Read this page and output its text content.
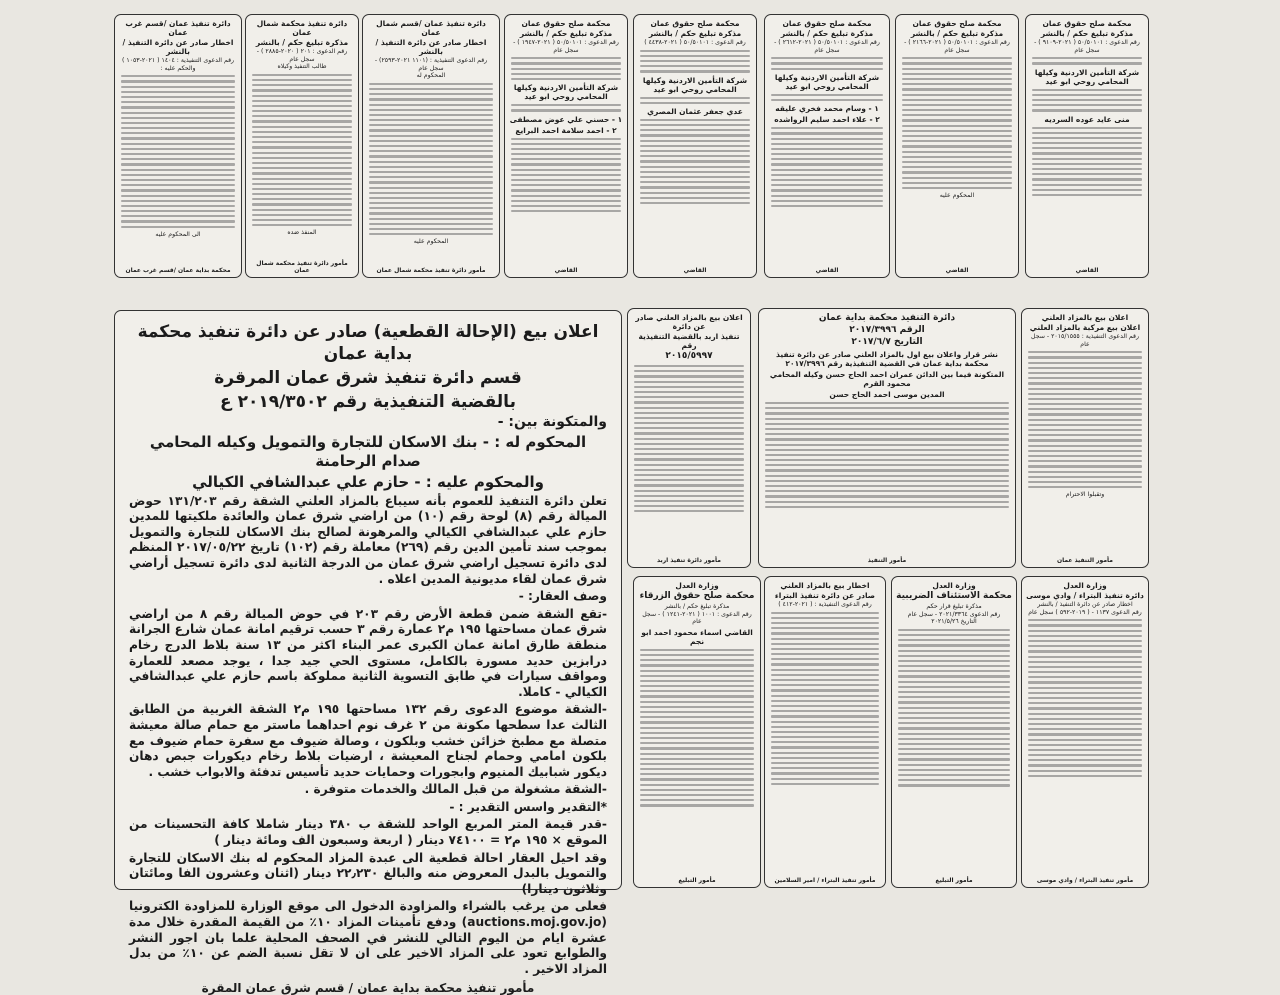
دائرة تنفيذ عمان /قسم غرب عمان
اخطار صادر عن دائرة التنفيذ / بالنشر
رقم الدعوى التنفيذية : ١٤٠٤ ( ٢٠٢١-١٠٥٣ )
والحكم عليه :
الى المحكوم عليه
محكمة بداية عمان /قسم غرب عمان
دائرة تنفيذ محكمة شمال عمان
مذكرة تبليغ حكم / بالنشر
رقم الدعوى : ٢٠١ ( ٢٠٢٠-٢٨٨٥ ) - سجل عام
طالب التنفيذ وكيلاه
المنفذ ضده
مأمور دائرة تنفيذ محكمة شمال عمان
دائرة تنفيذ عمان /قسم شمال عمان
اخطار صادر عن دائرة التنفيذ / بالنشر
رقم الدعوى التنفيذية : (١١٠١ ٢٠٢١-٢٥٩٣) - سجل عام
المحكوم له
المحكوم عليه
مأمور دائرة تنفيذ محكمة شمال عمان
محكمة صلح حقوق عمان
مذكرة تبليغ حكم / بالنشر
رقم الدعوى : ٥٠/٥٠١٠١ ( ٢٠٢١-١٩٤٧ ) - سجل عام
شركة التأمين الاردنية وكيلها المحامي روحي ابو عيد
١ - حسني علي عوض مصطفى
٢ - احمد سلامة احمد البرايع
القاضي
محكمة صلح حقوق عمان
مذكرة تبليغ حكم / بالنشر
رقم الدعوى : ٥٠/٥٠١٠١ ( ٢٠٢١-٤٤٣٨ )
شركة التأمين الاردنية وكيلها المحامي روحي ابو عيد
عدي جعفر عثمان المصري
القاضي
محكمة صلح حقوق عمان
مذكرة تبليغ حكم / بالنشر
رقم الدعوى : ٥٠/٥٠١٠١ ( ٢٠٢١-٢٦١٢ ) - سجل عام
شركة التأمين الاردنية وكيلها المحامي روحي ابو عيد
١ - وسام محمد فخري عليقه
٢ - علاء احمد سليم الرواشده
القاضي
محكمة صلح حقوق عمان
مذكرة تبليغ حكم / بالنشر
رقم الدعوى : ٥٠/٥٠١٠١ ( ٢٠٢١-٢١٦٦ ) - سجل عام
المحكوم عليه
القاضي
محكمة صلح حقوق عمان
مذكرة تبليغ حكم / بالنشر
رقم الدعوى : ٥٠/٥٠١٠١ ( ٢٠٢١-٩١٠٩ ) - سجل عام
شركة التأمين الاردنية وكيلها المحامي روحي ابو عيد
منى عايد عوده السرديه
القاضي
اعلان بيع (الإحالة القطعية) صادر عن دائرة تنفيذ محكمة بداية عمان
قسم دائرة تنفيذ شرق عمان المرقرة
بالقضية التنفيذية رقم ٢٠١٩/٣٥٠٢ ع
والمتكونة بين: -
المحكوم له : - بنك الاسكان للتجارة والتمويل وكيله المحامي صدام الرحامنة
والمحكوم عليه : - حازم علي عبدالشافي الكيالي
تعلن دائرة التنفيذ للعموم بأنه سيباع بالمزاد العلني الشقة رقم ١٣١/٢٠٣ حوض الميالة رقم (٨) لوحة رقم (١٠) من اراضي شرق عمان والعائدة ملكيتها للمدين حازم علي عبدالشافي الكيالي والمرهونة لصالح بنك الاسكان للتجارة والتمويل بموجب سند تأمين الدين رقم (٢٦٩) معاملة رقم (١٠٢) تاريخ ٢٠١٧/٠٥/٢٢ المنظم لدى دائرة تسجيل اراضي شرق عمان من الدرجة الثانية لدى دائرة تسجيل أراضي شرق عمان لقاء مديونية المدين اعلاه .
وصف العقار: -
-تقع الشقة ضمن قطعة الأرض رقم ٢٠٣ في حوض الميالة رقم ٨ من اراضي شرق عمان مساحتها ١٩٥ م٢ عمارة رقم ٣ حسب ترقيم امانة عمان شارع الجرانة منطقة طارق امانة عمان الكبرى عمر البناء اكثر من ١٣ سنة بلاط الدرج رخام درابزين حديد مسورة بالكامل، مستوى الحي جيد جدا ، يوجد مصعد للعمارة ومواقف سيارات في طابق التسوية الثانية مملوكة باسم حازم علي عبدالشافي الكيالي - كاملا.
-الشقة موضوع الدعوى رقم ١٣٢ مساحتها ١٩٥ م٢ الشقة الغربية من الطابق الثالث عدا سطحها مكونة من ٢ غرف نوم احداهما ماستر مع حمام صالة معيشة متصلة مع مطبخ خزائن خشب وبلكون ، وصالة ضيوف مع سفرة حمام ضيوف مع بلكون امامي وحمام لجناح المعيشة ، ارضيات بلاط رخام ديكورات جبص دهان ديكور شبابيك المنيوم وابجورات وحمايات حديد تأسيس تدفئة والابواب خشب .
-الشقة مشغولة من قبل المالك والخدمات متوفرة .
*التقدير واسس التقدير : -
-قدر قيمة المتر المربع الواحد للشقة ب ٣٨٠ دينار شاملا كافة التحسينات من الموقع × ١٩٥ م٢ = ٧٤١٠٠ دينار ( اربعة وسبعون الف ومائة دينار )
وقد احيل العقار احالة قطعية الى عبدة المزاد المحكوم له بنك الاسكان للتجارة والتمويل بالبدل المعروض منه والبالغ ٢٢٫٢٣٠ دينار (اثنان وعشرون الفا ومائتان وثلاثون دينارا)
فعلى من يرغب بالشراء والمزاودة الدخول الى موقع الوزارة للمزاودة الكترونيا (auctions.moj.gov.jo) ودفع تأمينات المزاد ١٠٪ من القيمة المقدرة خلال مدة عشرة ايام من اليوم التالي للنشر في الصحف المحلية علما بان اجور النشر والطوابع تعود على المزاد الاخير على ان لا تقل نسبة الضم عن ١٠٪ من بدل المزاد الاخير .
مأمور تنفيذ محكمة بداية عمان / قسم شرق عمان المقرة
اعلان بيع بالمزاد العلني صادر عن دائرة
تنفيذ اربد بالقضية التنفيذية رقم
٢٠١٥/٥٩٩٧
مأمور دائرة تنفيذ اربد
دائرة التنفيذ محكمة بداية عمان
الرقم ٢٠١٧/٣٩٩٦
التاريخ ٢٠١٧/٦/٧
نشر قرار واعلان بيع اول بالمزاد العلني صادر عن دائرة تنفيذ محكمة بداية عمان في القضية التنفيذية رقم ٢٠١٧/٣٩٩٦
المتكونة فيما بين الدائن عمران احمد الحاج حسن وكيله المحامي محمود القرم
المدين موسى احمد الحاج حسن
مأمور التنفيذ
اعلان بيع بالمزاد العلني
اعلان بيع مركبة بالمزاد العلني
رقم الدعوى التنفيذية : ٢٠١٥/١٥٥٥ - سجل عام
وتقبلوا الاحترام
مأمور التنفيذ عمان
وزارة العدل
محكمة صلح حقوق الزرقاء
مذكرة تبليغ حكم / بالنشر
رقم الدعوى : ١٠٠١ ( ٢٠٢١-١٢٤١ ) - سجل عام
القاضي اسماء محمود احمد ابو نجم
مأمور التبليغ
اخطار بيع بالمزاد العلني
صادر عن دائرة تنفيذ البتراء
رقم الدعوى التنفيذية : ( ٢٠٢١-٤١٢ )
مأمور تنفيذ البتراء / امير السلامين
وزارة العدل
محكمة الاستئناف الضريبية
مذكرة تبليغ قرار حكم
رقم الدعوى ٢٠٢١/٣٣٦٤ - سجل عام
التاريخ ٢٠٢١/٥/٢٦
مأمور التبليغ
وزارة العدل
دائرة تنفيذ البتراء / وادي موسى
اخطار صادر عن دائرة التنفيذ / بالنشر
رقم الدعوى ١١٣٧ - ( ٢٠١٩-٥٩٢ ) سجل عام
مأمور تنفيذ البتراء / وادي موسى
